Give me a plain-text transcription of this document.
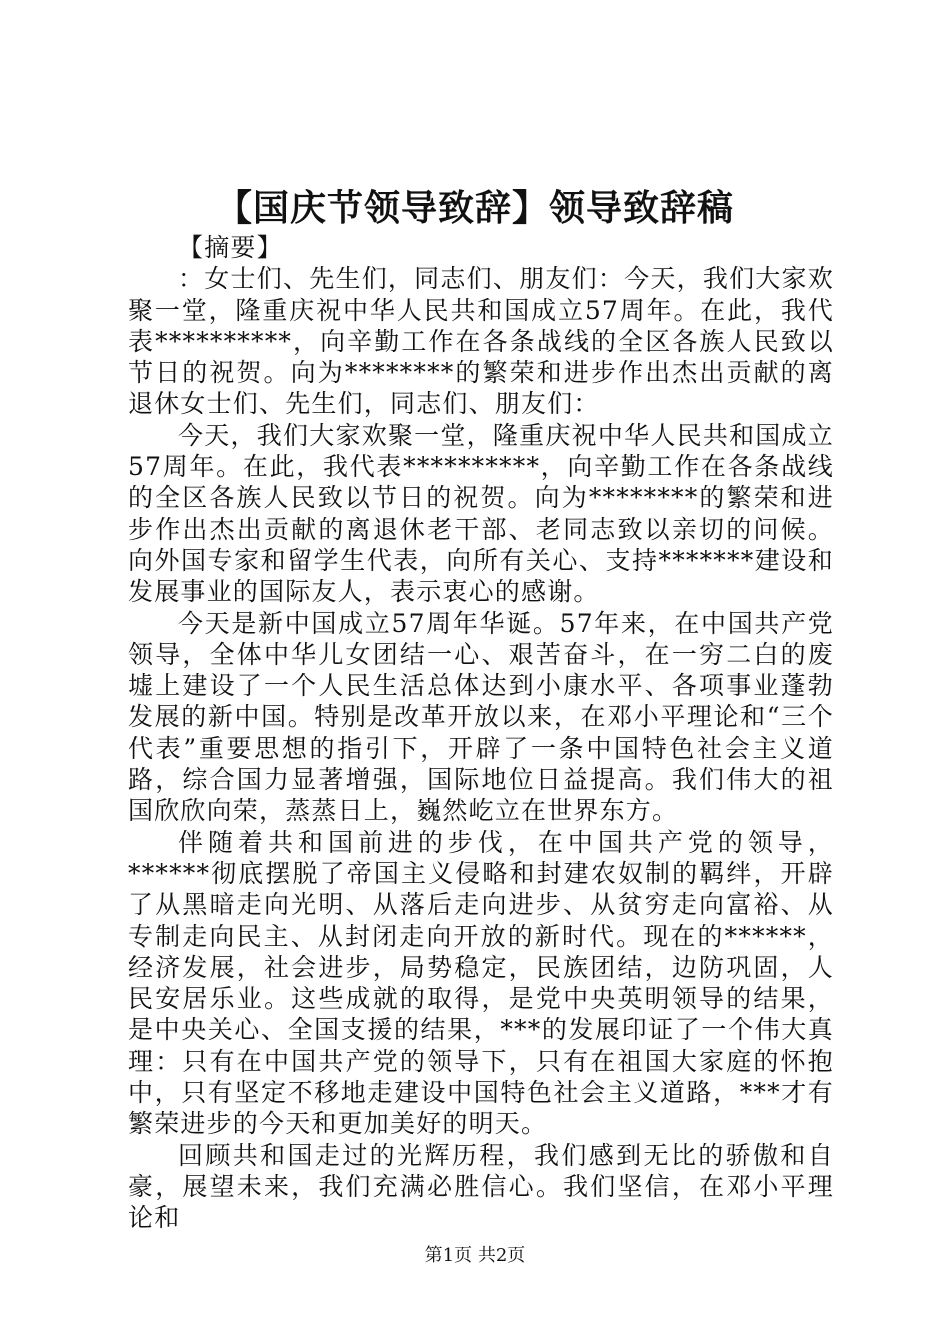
【国庆节领导致辞】领导致辞稿

【摘要】

：女士们、先生们，同志们、朋友们：今天，我们大家欢聚一堂，隆重庆祝中华人民共和国成立57周年。在此，我代表**********，向辛勤工作在各条战线的全区各族人民致以节日的祝贺。向为********的繁荣和进步作出杰出贡献的离退休女士们、先生们，同志们、朋友们：

今天，我们大家欢聚一堂，隆重庆祝中华人民共和国成立57周年。在此，我代表**********，向辛勤工作在各条战线的全区各族人民致以节日的祝贺。向为********的繁荣和进步作出杰出贡献的离退休老干部、老同志致以亲切的问候。向外国专家和留学生代表，向所有关心、支持*******建设和发展事业的国际友人，表示衷心的感谢。

今天是新中国成立57周年华诞。57年来，在中国共产党领导，全体中华儿女团结一心、艰苦奋斗，在一穷二白的废墟上建设了一个人民生活总体达到小康水平、各项事业蓬勃发展的新中国。特别是改革开放以来，在邓小平理论和“三个代表”重要思想的指引下，开辟了一条中国特色社会主义道路，综合国力显著增强，国际地位日益提高。我们伟大的祖国欣欣向荣，蒸蒸日上，巍然屹立在世界东方。

伴随着共和国前进的步伐，在中国共产党的领导，******彻底摆脱了帝国主义侵略和封建农奴制的羁绊，开辟了从黑暗走向光明、从落后走向进步、从贫穷走向富裕、从专制走向民主、从封闭走向开放的新时代。现在的******，经济发展，社会进步，局势稳定，民族团结，边防巩固，人民安居乐业。这些成就的取得，是党中央英明领导的结果，是中央关心、全国支援的结果，***的发展印证了一个伟大真理：只有在中国共产党的领导下，只有在祖国大家庭的怀抱中，只有坚定不移地走建设中国特色社会主义道路，***才有繁荣进步的今天和更加美好的明天。

回顾共和国走过的光辉历程，我们感到无比的骄傲和自豪，展望未来，我们充满必胜信心。我们坚信，在邓小平理论和

第1页 共2页
